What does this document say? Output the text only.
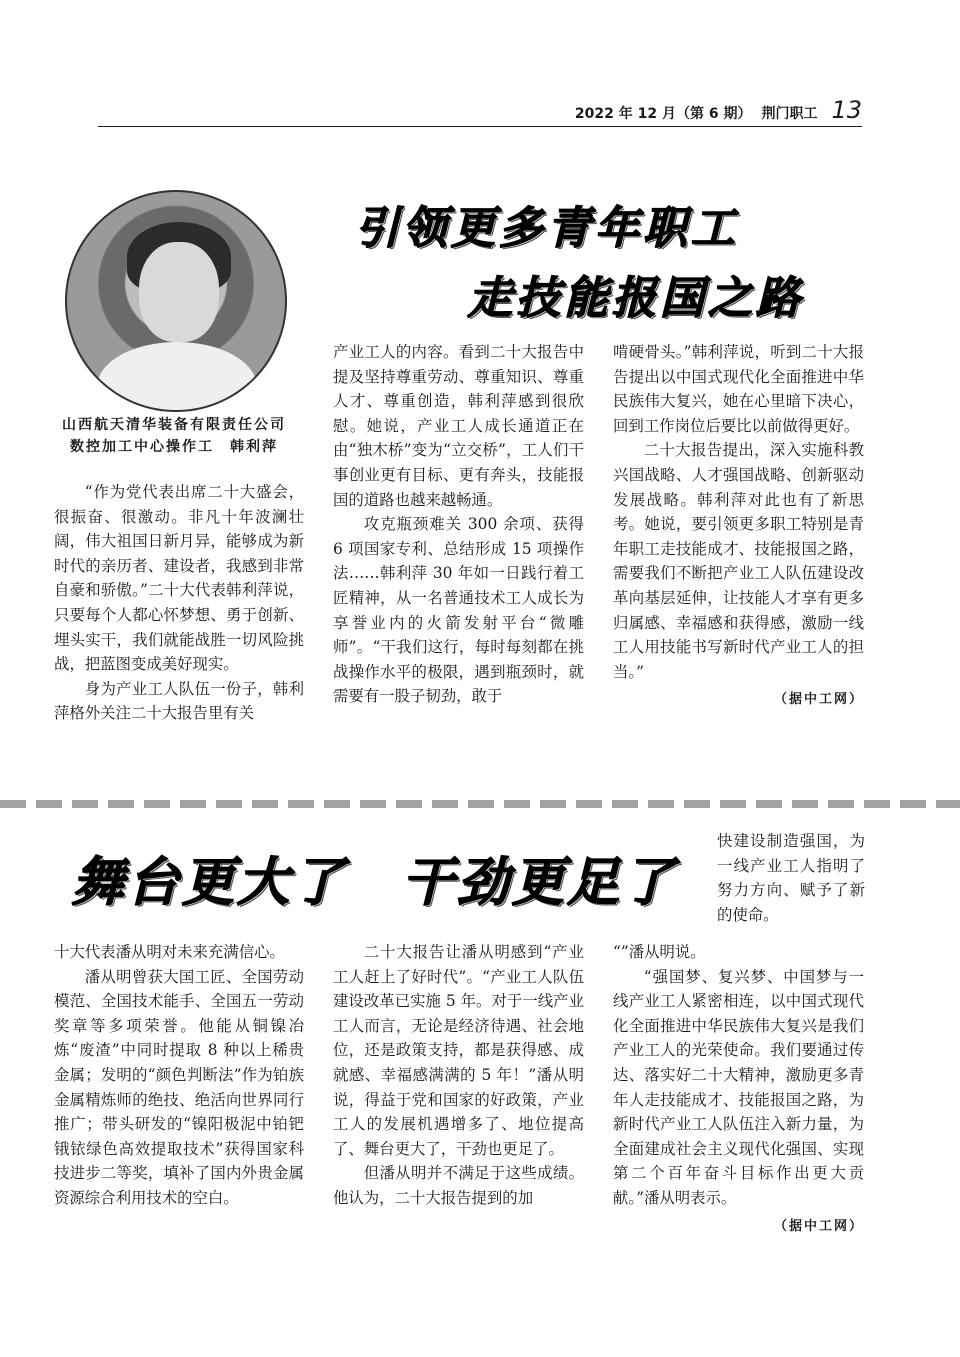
2022 年 12 月（第 6 期） 荆门职工 13
山西航天清华装备有限责任公司
数控加工中心操作工　韩利萍
引领更多青年职工
走技能报国之路

“作为党代表出席二十大盛会，很振奋、很激动。非凡十年波澜壮阔，伟大祖国日新月异，能够成为新时代的亲历者、建设者，我感到非常自豪和骄傲。”二十大代表韩利萍说，只要每个人都心怀梦想、勇于创新、埋头实干，我们就能战胜一切风险挑战，把蓝图变成美好现实。

身为产业工人队伍一份子，韩利萍格外关注二十大报告里有关

产业工人的内容。看到二十大报告中提及坚持尊重劳动、尊重知识、尊重人才、尊重创造，韩利萍感到很欣慰。她说，产业工人成长通道正在由“独木桥”变为“立交桥”，工人们干事创业更有目标、更有奔头，技能报国的道路也越来越畅通。

攻克瓶颈难关 300 余项、获得 6 项国家专利、总结形成 15 项操作法……韩利萍 30 年如一日践行着工匠精神，从一名普通技术工人成长为享誉业内的火箭发射平台“微雕师”。“干我们这行，每时每刻都在挑战操作水平的极限，遇到瓶颈时，就需要有一股子韧劲，敢于

啃硬骨头。”韩利萍说，听到二十大报告提出以中国式现代化全面推进中华民族伟大复兴，她在心里暗下决心，回到工作岗位后要比以前做得更好。

二十大报告提出，深入实施科教兴国战略、人才强国战略、创新驱动发展战略。韩利萍对此也有了新思考。她说，要引领更多职工特别是青年职工走技能成才、技能报国之路，需要我们不断把产业工人队伍建设改革向基层延伸，让技能人才享有更多归属感、幸福感和获得感，激励一线工人用技能书写新时代产业工人的担当。”

（据中工网）
舞台更大了　干劲更足了

快建设制造强国，为一线产业工人指明了努力方向、赋予了新的使命。

十大代表潘从明对未来充满信心。

潘从明曾获大国工匠、全国劳动模范、全国技术能手、全国五一劳动奖章等多项荣誉。他能从铜镍冶炼“废渣”中同时提取 8 种以上稀贵金属；发明的“颜色判断法”作为铂族金属精炼师的绝技、绝活向世界同行推广；带头研发的“镍阳极泥中铂钯锇铱绿色高效提取技术”获得国家科技进步二等奖，填补了国内外贵金属资源综合利用技术的空白。

二十大报告让潘从明感到“产业工人赶上了好时代”。“产业工人队伍建设改革已实施 5 年。对于一线产业工人而言，无论是经济待遇、社会地位，还是政策支持，都是获得感、成就感、幸福感满满的 5 年！”潘从明说，得益于党和国家的好政策，产业工人的发展机遇增多了、地位提高了、舞台更大了，干劲也更足了。

但潘从明并不满足于这些成绩。他认为，二十大报告提到的加

“”潘从明说。

“强国梦、复兴梦、中国梦与一线产业工人紧密相连，以中国式现代化全面推进中华民族伟大复兴是我们产业工人的光荣使命。我们要通过传达、落实好二十大精神，激励更多青年人走技能成才、技能报国之路，为新时代产业工人队伍注入新力量，为全面建成社会主义现代化强国、实现第二个百年奋斗目标作出更大贡献。”潘从明表示。

（据中工网）
